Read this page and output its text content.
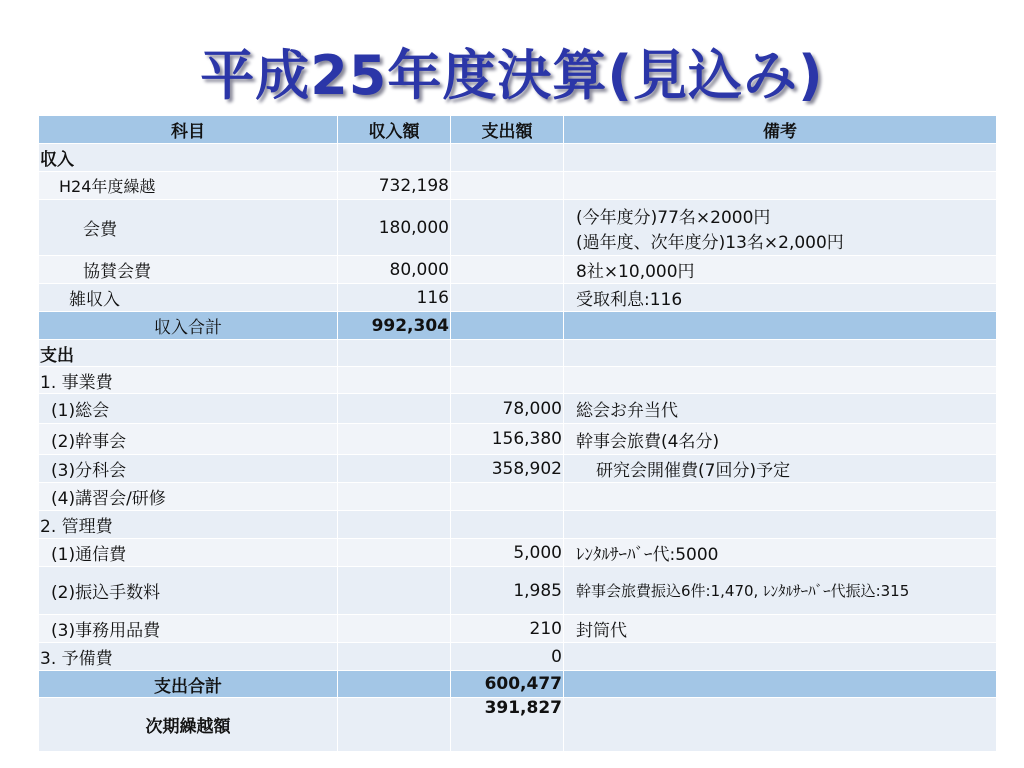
平成25年度決算(見込み)
科目	収入額	支出額	備考
収入			
H24年度繰越	732,198		
会費	180,000		(今年度分)77名×2000円
(過年度、次年度分)13名×2,000円

協賛会費	80,000		8社×10,000円
雑収入	116		受取利息:116
収入合計	992,304		
支出			
1. 事業費			
(1)総会		78,000	総会お弁当代
(2)幹事会		156,380	幹事会旅費(4名分)
(3)分科会		358,902	研究会開催費(7回分)予定
(4)講習会/研修			
2. 管理費			
(1)通信費		5,000	ﾚﾝﾀﾙｻｰﾊﾞｰ代:5000
(2)振込手数料		1,985	幹事会旅費振込6件:1,470, ﾚﾝﾀﾙｻｰﾊﾞｰ代振込:315
(3)事務用品費		210	封筒代
3. 予備費		0	
支出合計		600,477	
次期繰越額		391,827	
